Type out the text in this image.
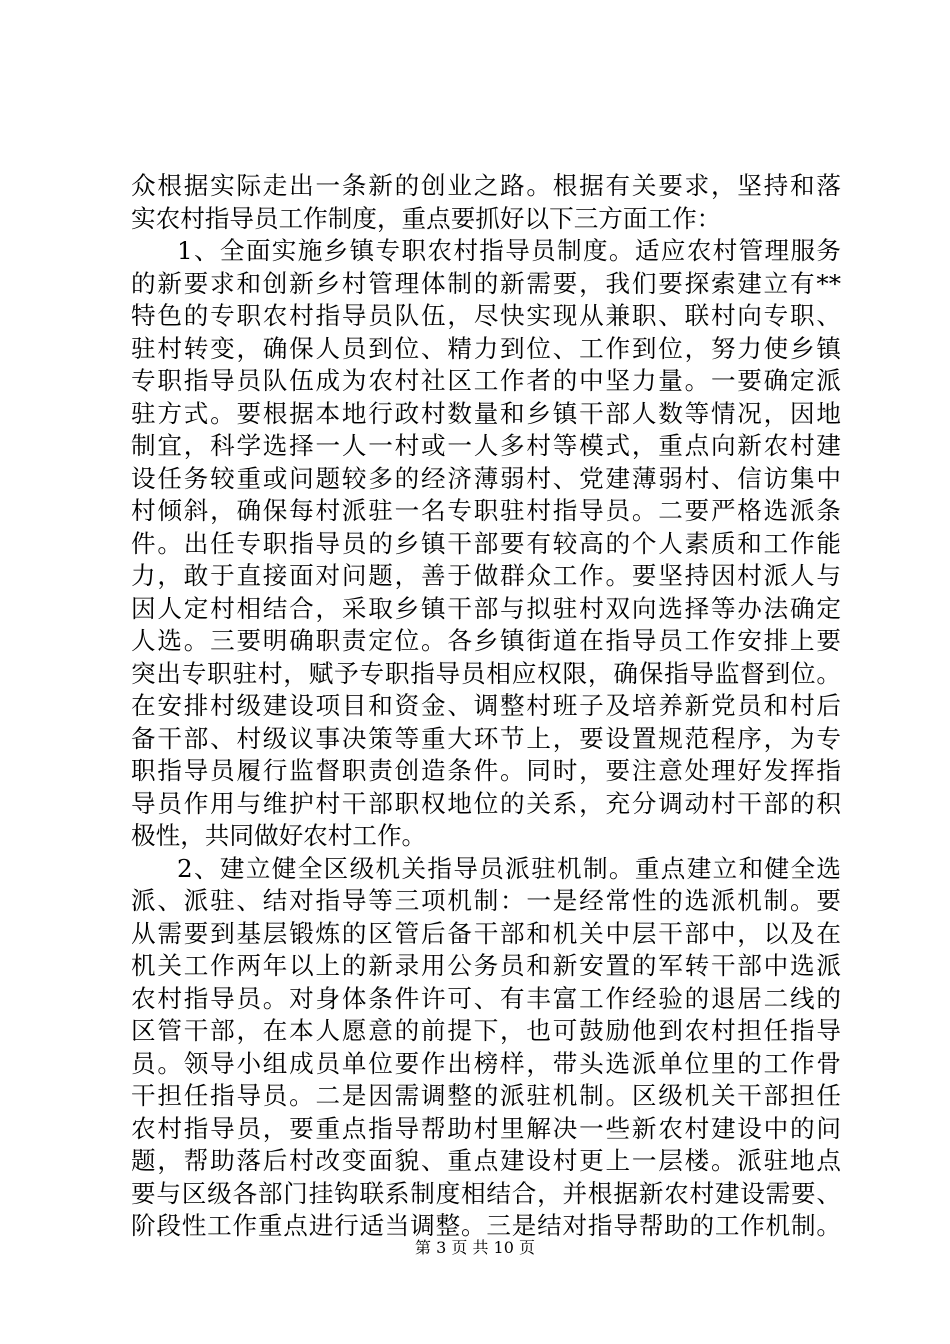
众根据实际走出一条新的创业之路。根据有关要求，坚持和落
实农村指导员工作制度，重点要抓好以下三方面工作：
1、全面实施乡镇专职农村指导员制度。适应农村管理服务
的新要求和创新乡村管理体制的新需要，我们要探索建立有**
特色的专职农村指导员队伍，尽快实现从兼职、联村向专职、
驻村转变，确保人员到位、精力到位、工作到位，努力使乡镇
专职指导员队伍成为农村社区工作者的中坚力量。一要确定派
驻方式。要根据本地行政村数量和乡镇干部人数等情况，因地
制宜，科学选择一人一村或一人多村等模式，重点向新农村建
设任务较重或问题较多的经济薄弱村、党建薄弱村、信访集中
村倾斜，确保每村派驻一名专职驻村指导员。二要严格选派条
件。出任专职指导员的乡镇干部要有较高的个人素质和工作能
力，敢于直接面对问题，善于做群众工作。要坚持因村派人与
因人定村相结合，采取乡镇干部与拟驻村双向选择等办法确定
人选。三要明确职责定位。各乡镇街道在指导员工作安排上要
突出专职驻村，赋予专职指导员相应权限，确保指导监督到位。
在安排村级建设项目和资金、调整村班子及培养新党员和村后
备干部、村级议事决策等重大环节上，要设置规范程序，为专
职指导员履行监督职责创造条件。同时，要注意处理好发挥指
导员作用与维护村干部职权地位的关系，充分调动村干部的积
极性，共同做好农村工作。
2、建立健全区级机关指导员派驻机制。重点建立和健全选
派、派驻、结对指导等三项机制：一是经常性的选派机制。要
从需要到基层锻炼的区管后备干部和机关中层干部中，以及在
机关工作两年以上的新录用公务员和新安置的军转干部中选派
农村指导员。对身体条件许可、有丰富工作经验的退居二线的
区管干部，在本人愿意的前提下，也可鼓励他到农村担任指导
员。领导小组成员单位要作出榜样，带头选派单位里的工作骨
干担任指导员。二是因需调整的派驻机制。区级机关干部担任
农村指导员，要重点指导帮助村里解决一些新农村建设中的问
题，帮助落后村改变面貌、重点建设村更上一层楼。派驻地点
要与区级各部门挂钩联系制度相结合，并根据新农村建设需要、
阶段性工作重点进行适当调整。三是结对指导帮助的工作机制。
第 3 页 共 10 页
